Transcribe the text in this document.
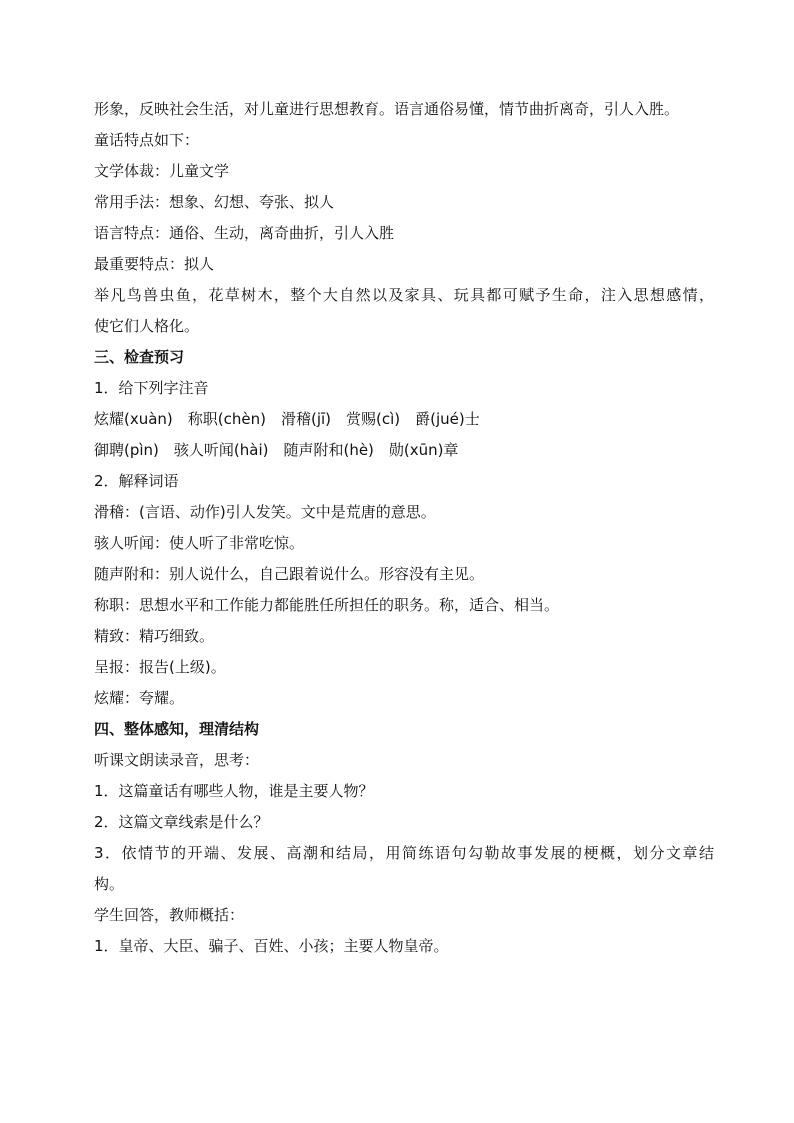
形象，反映社会生活，对儿童进行思想教育。语言通俗易懂，情节曲折离奇，引人入胜。
童话特点如下：
文学体裁：儿童文学
常用手法：想象、幻想、夸张、拟人
语言特点：通俗、生动，离奇曲折，引人入胜
最重要特点：拟人
举凡鸟兽虫鱼，花草树木，整个大自然以及家具、玩具都可赋予生命，注入思想感情，
使它们人格化。
三、检查预习
1．给下列字注音
炫耀(xuàn)　称职(chèn)　滑稽(jī)　赏赐(cì)　爵(jué)士
御聘(pìn)　骇人听闻(hài)　随声附和(hè)　勋(xūn)章
2．解释词语
滑稽：(言语、动作)引人发笑。文中是荒唐的意思。
骇人听闻：使人听了非常吃惊。
随声附和：别人说什么，自己跟着说什么。形容没有主见。
称职：思想水平和工作能力都能胜任所担任的职务。称，适合、相当。
精致：精巧细致。
呈报：报告(上级)。
炫耀：夸耀。
四、整体感知，理清结构
听课文朗读录音，思考：
1．这篇童话有哪些人物，谁是主要人物？
2．这篇文章线索是什么？
3．依情节的开端、发展、高潮和结局，用简练语句勾勒故事发展的梗概，划分文章结
构。
学生回答，教师概括：
1．皇帝、大臣、骗子、百姓、小孩；主要人物皇帝。
